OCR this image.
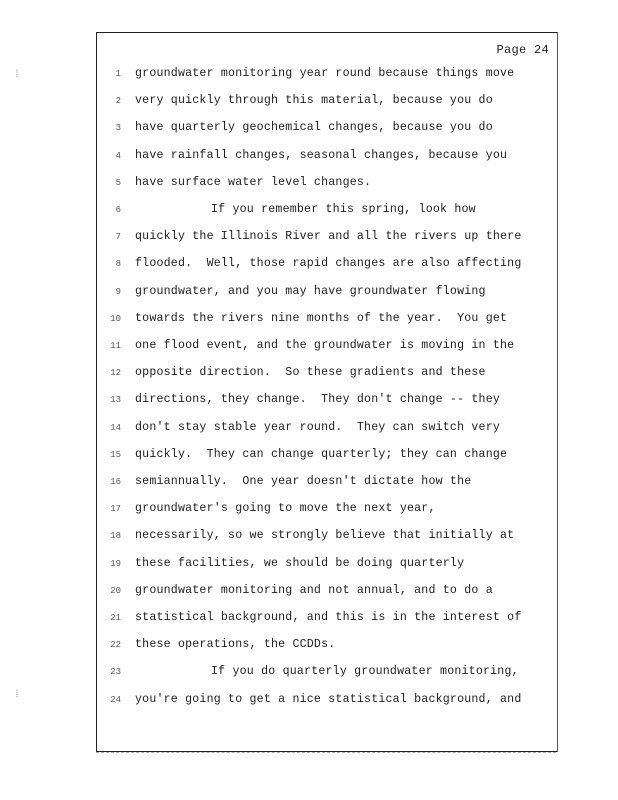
Page 24
1 groundwater monitoring year round because things move
2 very quickly through this material, because you do
3 have quarterly geochemical changes, because you do
4 have rainfall changes, seasonal changes, because you
5 have surface water level changes.
6	If you remember this spring, look how
7 quickly the Illinois River and all the rivers up there
8 flooded.  Well, those rapid changes are also affecting
9 groundwater, and you may have groundwater flowing
10 towards the rivers nine months of the year.  You get
11 one flood event, and the groundwater is moving in the
12 opposite direction.  So these gradients and these
13 directions, they change.  They don't change -- they
14 don't stay stable year round.  They can switch very
15 quickly.  They can change quarterly; they can change
16 semiannually.  One year doesn't dictate how the
17 groundwater's going to move the next year,
18 necessarily, so we strongly believe that initially at
19 these facilities, we should be doing quarterly
20 groundwater monitoring and not annual, and to do a
21 statistical background, and this is in the interest of
22 these operations, the CCDDs.
23	If you do quarterly groundwater monitoring,
24 you're going to get a nice statistical background, and
⁞
⁞
